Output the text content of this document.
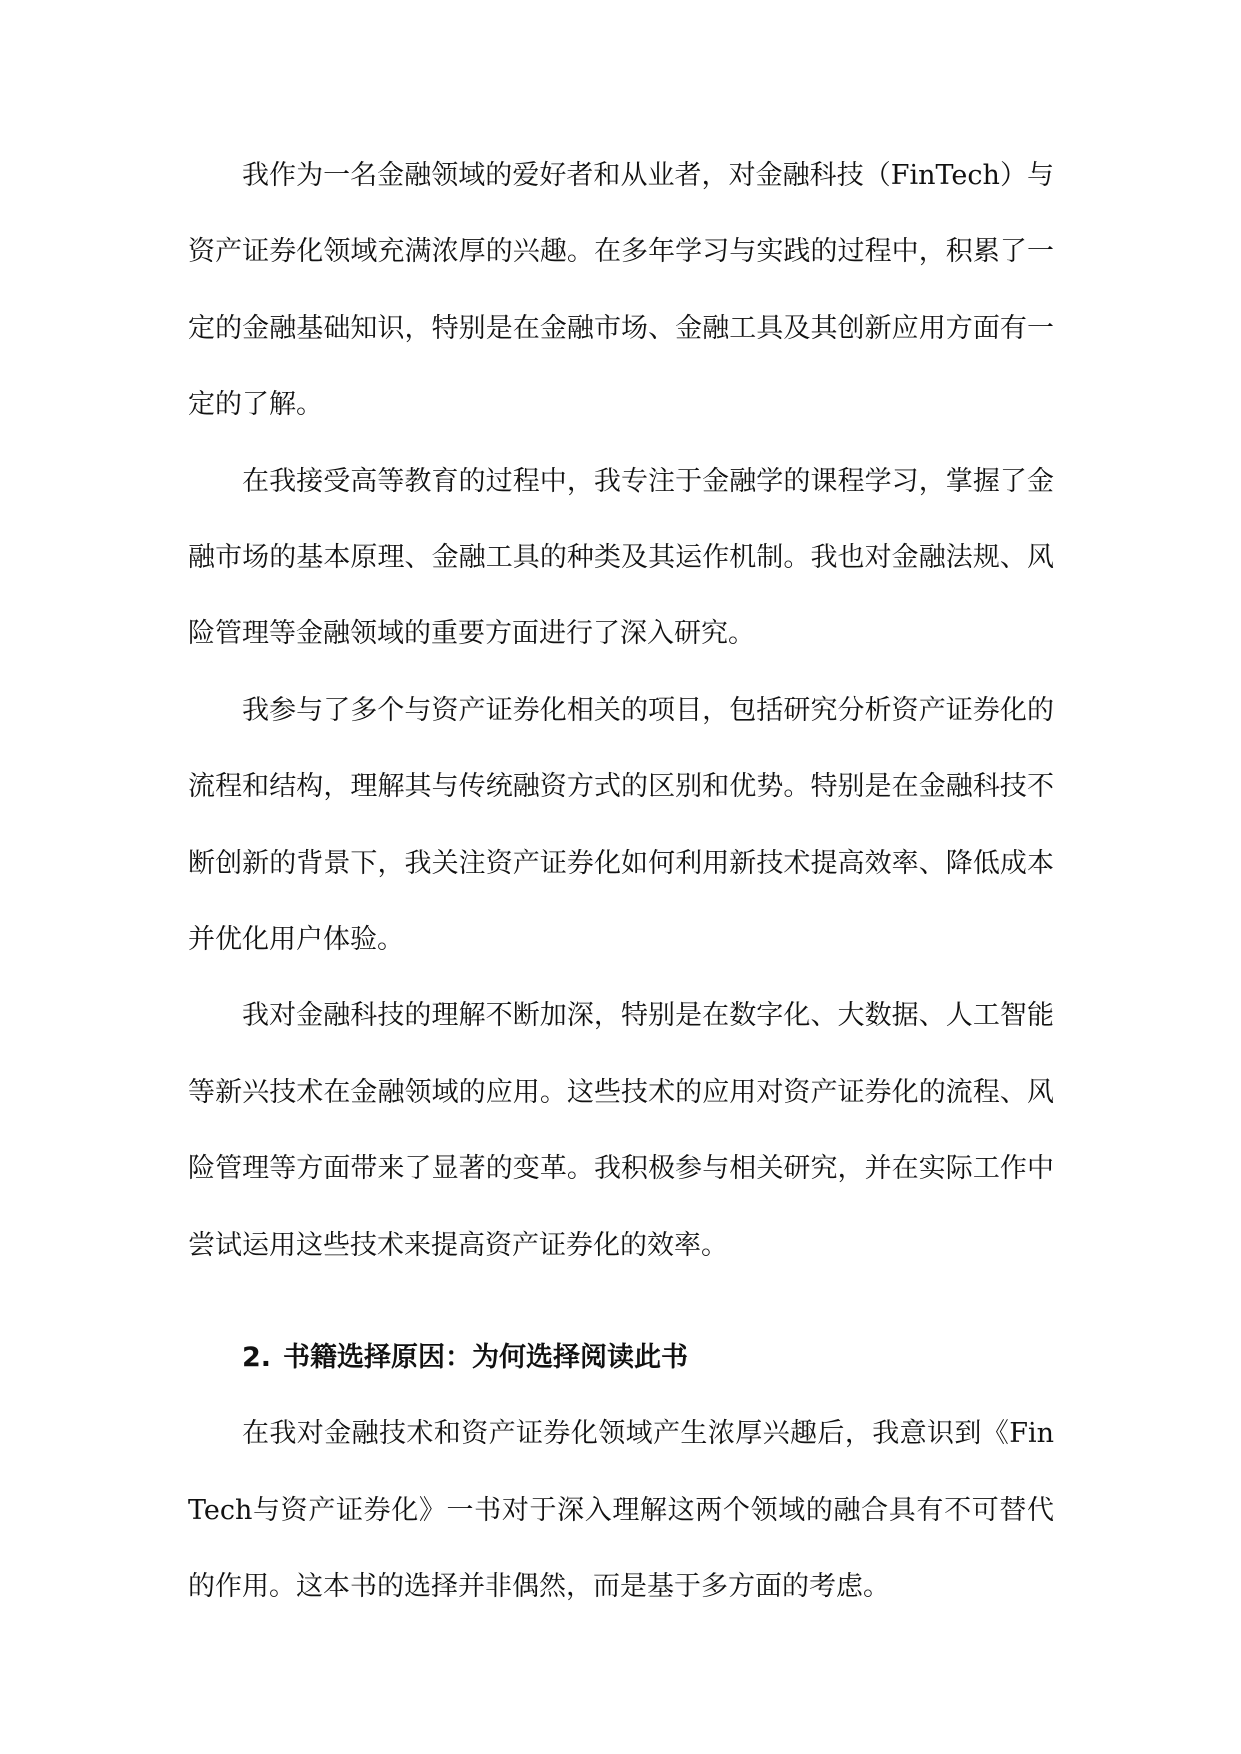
我作为一名金融领域的爱好者和从业者，对金融科技（FinTech）与资产证券化领域充满浓厚的兴趣。在多年学习与实践的过程中，积累了一定的金融基础知识，特别是在金融市场、金融工具及其创新应用方面有一定的了解。

在我接受高等教育的过程中，我专注于金融学的课程学习，掌握了金融市场的基本原理、金融工具的种类及其运作机制。我也对金融法规、风险管理等金融领域的重要方面进行了深入研究。

我参与了多个与资产证券化相关的项目，包括研究分析资产证券化的流程和结构，理解其与传统融资方式的区别和优势。特别是在金融科技不断创新的背景下，我关注资产证券化如何利用新技术提高效率、降低成本并优化用户体验。

我对金融科技的理解不断加深，特别是在数字化、大数据、人工智能等新兴技术在金融领域的应用。这些技术的应用对资产证券化的流程、风险管理等方面带来了显著的变革。我积极参与相关研究，并在实际工作中尝试运用这些技术来提高资产证券化的效率。

2. 书籍选择原因：为何选择阅读此书

在我对金融技术和资产证券化领域产生浓厚兴趣后，我意识到《FinTech与资产证券化》一书对于深入理解这两个领域的融合具有不可替代的作用。这本书的选择并非偶然，而是基于多方面的考虑。
